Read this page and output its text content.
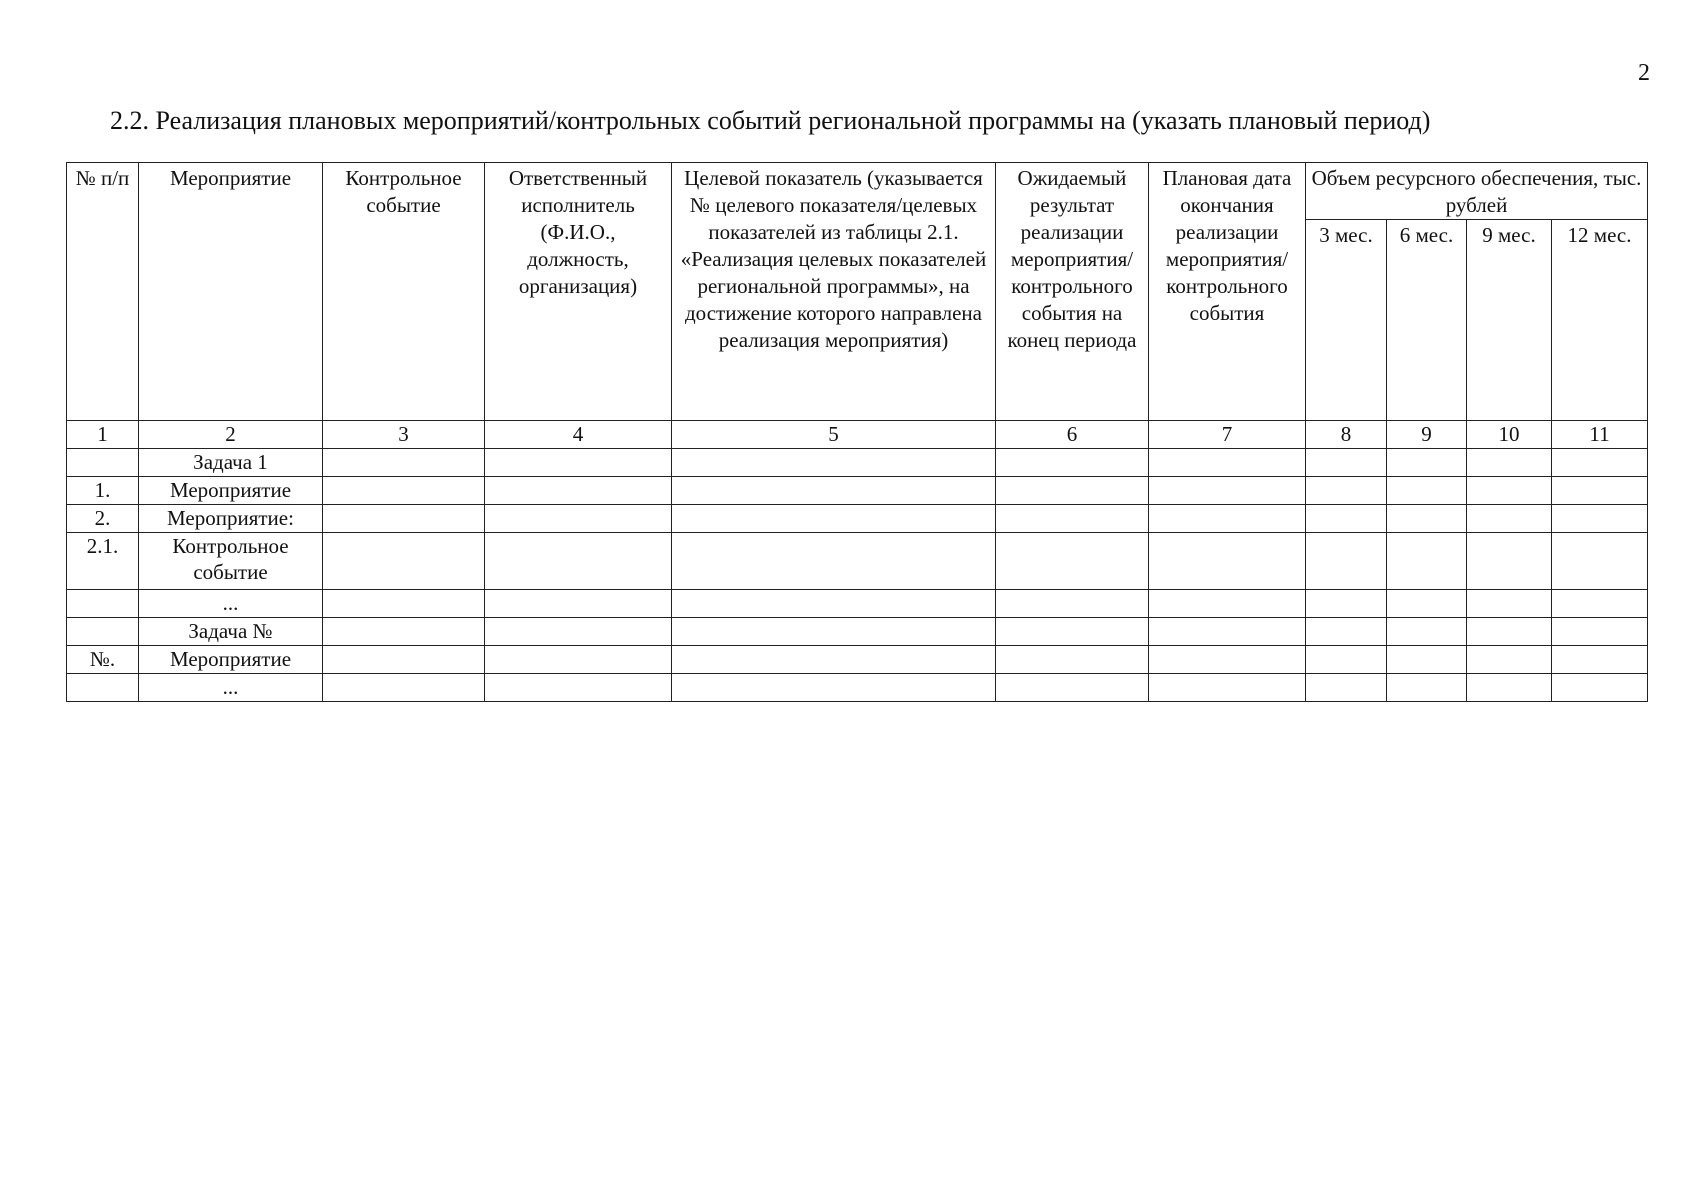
2
2.2. Реализация плановых мероприятий/контрольных событий региональной программы на (указать плановый период)
№ п/п	Мероприятие	Контрольное событие	Ответственный исполнитель (Ф.И.О., должность, организация)	Целевой показатель (указывается № целевого показателя/целевых показателей из таблицы 2.1. «Реализация целевых показателей региональной программы», на достижение которого направлена реализация мероприятия)	Ожидаемый результат реализации мероприятия/контрольного события на конец периода	Плановая дата окончания реализации мероприятия/контрольного события	Объем ресурсного обеспечения, тыс. рублей			
							3 мес.	6 мес.	9 мес.	12 мес.
1	2	3	4	5	6	7	8	9	10	11
	Задача 1									
1.	Мероприятие									
2.	Мероприятие:									
2.1.	Контрольное событие									
	...									
	Задача №									
№.	Мероприятие									
	...									
